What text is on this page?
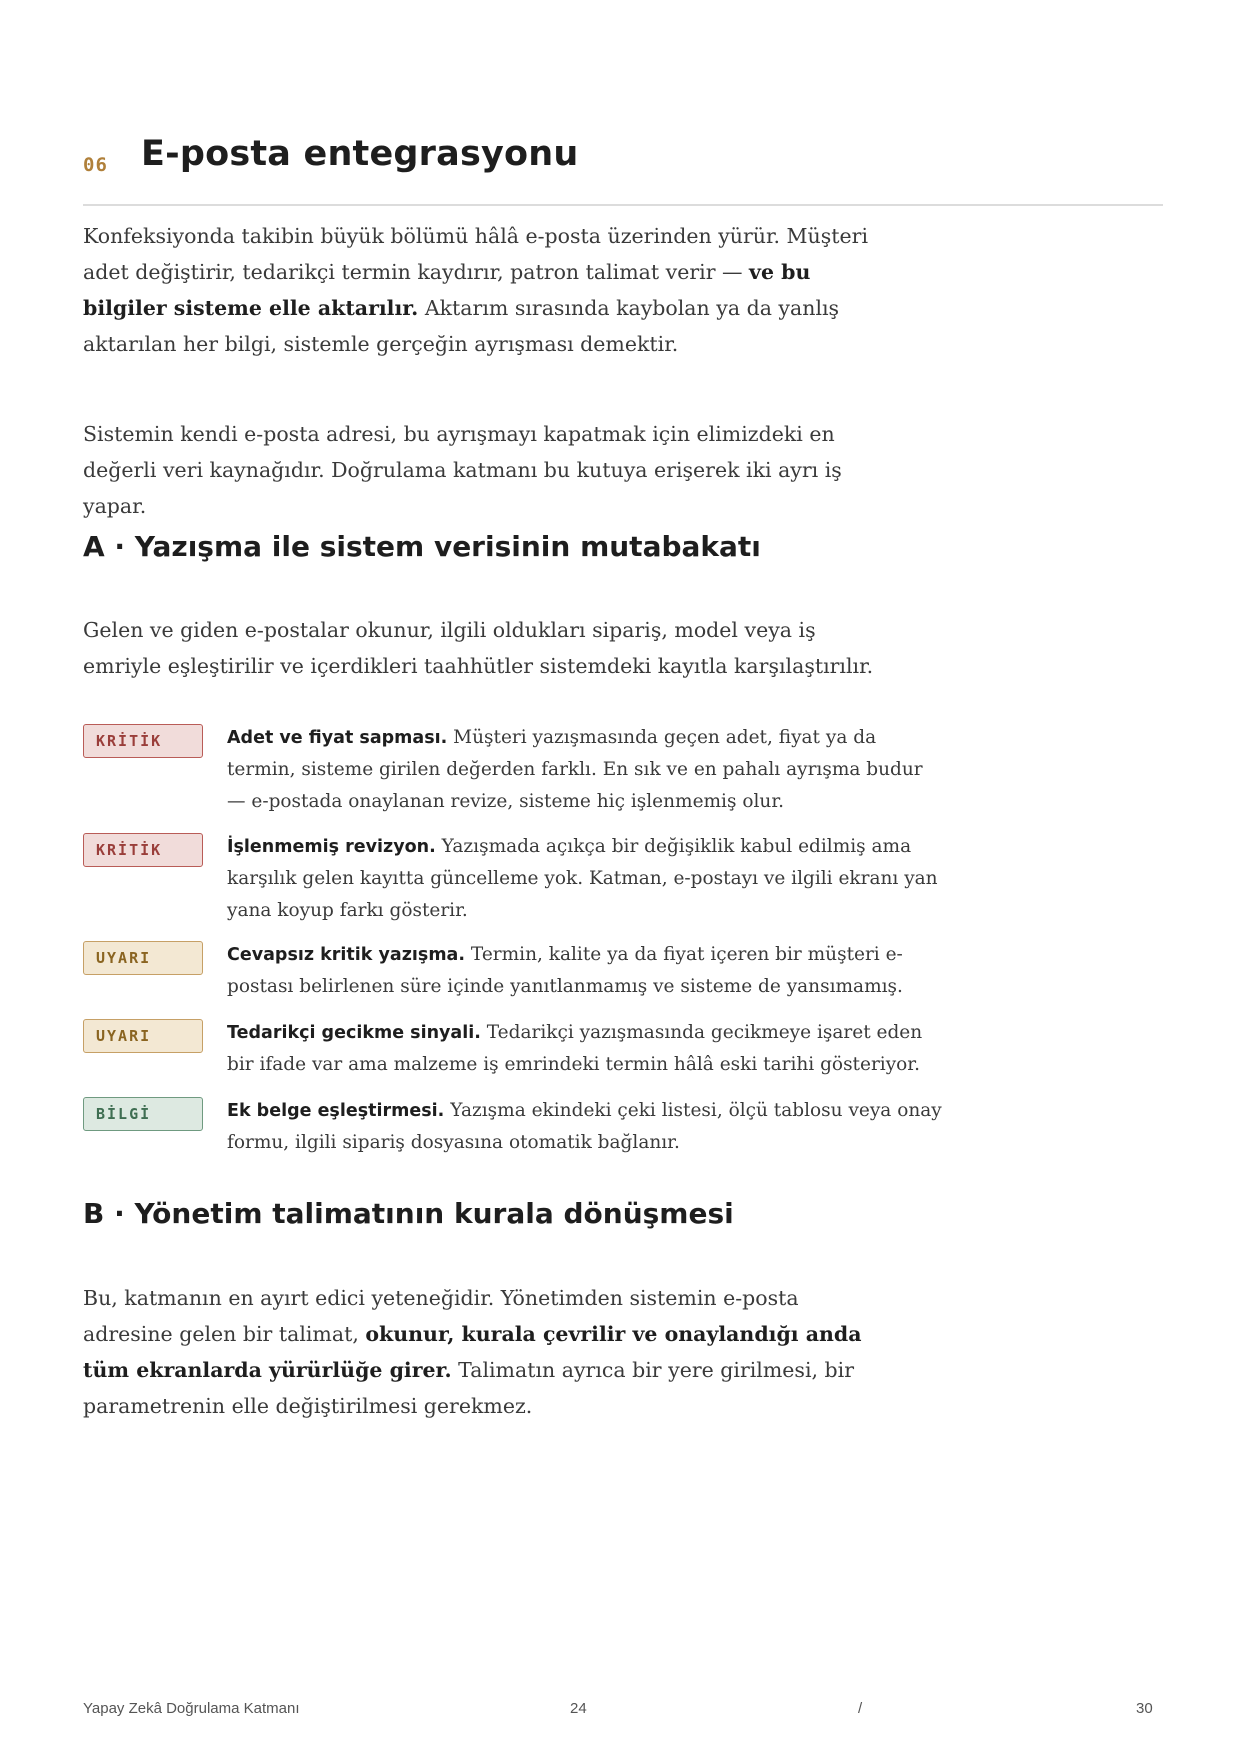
06 E-posta entegrasyonu

Konfeksiyonda takibin büyük bölümü hâlâ e-posta üzerinden yürür. Müşteri adet değiştirir, tedarikçi termin kaydırır, patron talimat verir — ve bu bilgiler sisteme elle aktarılır. Aktarım sırasında kaybolan ya da yanlış aktarılan her bilgi, sistemle gerçeğin ayrışması demektir.

Sistemin kendi e-posta adresi, bu ayrışmayı kapatmak için elimizdeki en değerli veri kaynağıdır. Doğrulama katmanı bu kutuya erişerek iki ayrı iş yapar.

A · Yazışma ile sistem verisinin mutabakatı

Gelen ve giden e-postalar okunur, ilgili oldukları sipariş, model veya iş emriyle eşleştirilir ve içerdikleri taahhütler sistemdeki kayıtla karşılaştırılır.

KRİTİK	Adet ve fiyat sapması. Müşteri yazışmasında geçen adet, fiyat ya da termin, sisteme girilen değerden farklı. En sık ve en pahalı ayrışma budur — e-postada onaylanan revize, sisteme hiç işlenmemiş olur.
KRİTİK	İşlenmemiş revizyon. Yazışmada açıkça bir değişiklik kabul edilmiş ama karşılık gelen kayıtta güncelleme yok. Katman, e-postayı ve ilgili ekranı yan yana koyup farkı gösterir.
UYARI	Cevapsız kritik yazışma. Termin, kalite ya da fiyat içeren bir müşteri e-postası belirlenen süre içinde yanıtlanmamış ve sisteme de yansımamış.
UYARI	Tedarikçi gecikme sinyali. Tedarikçi yazışmasında gecikmeye işaret eden bir ifade var ama malzeme iş emrindeki termin hâlâ eski tarihi gösteriyor.
BİLGİ	Ek belge eşleştirmesi. Yazışma ekindeki çeki listesi, ölçü tablosu veya onay formu, ilgili sipariş dosyasına otomatik bağlanır.
B · Yönetim talimatının kurala dönüşmesi

Bu, katmanın en ayırt edici yeteneğidir. Yönetimden sistemin e-posta adresine gelen bir talimat, okunur, kurala çevrilir ve onaylandığı anda tüm ekranlarda yürürlüğe girer. Talimatın ayrıca bir yere girilmesi, bir parametrenin elle değiştirilmesi gerekmez.

Yapay Zekâ Doğrulama Katmanı	24	/	30
